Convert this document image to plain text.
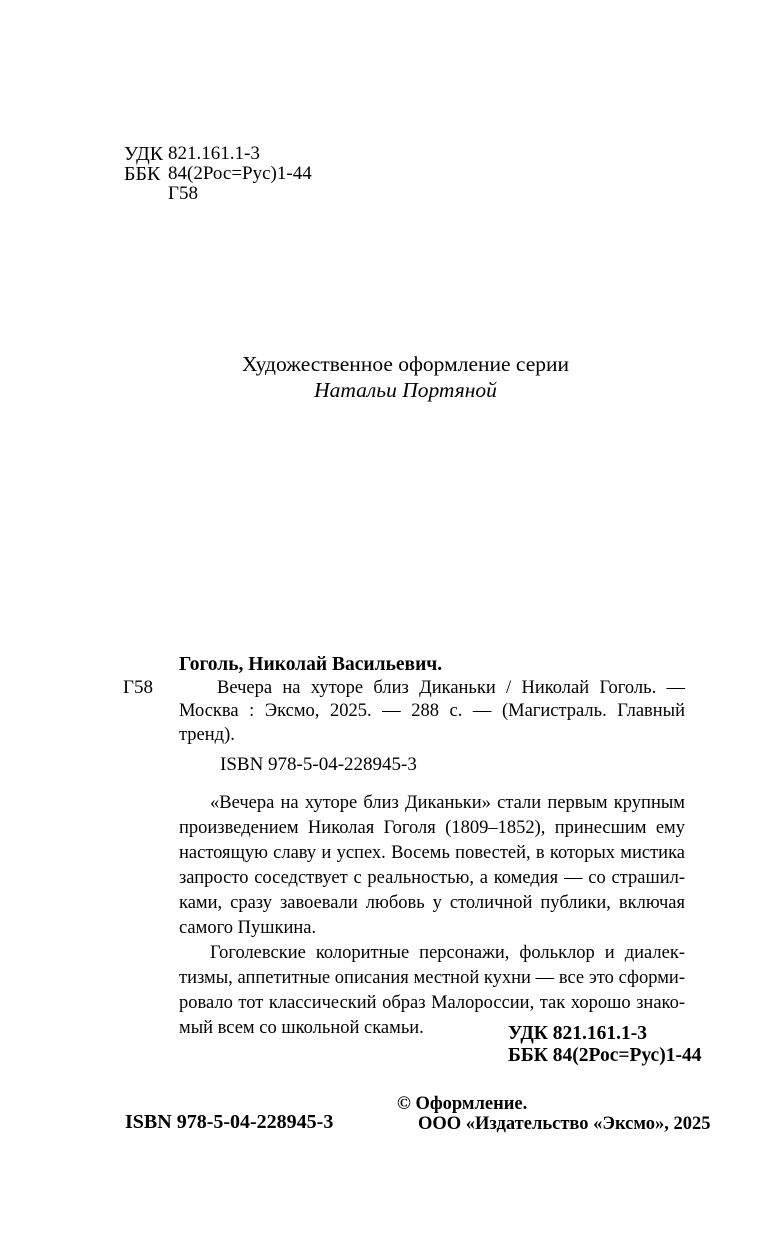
УДК 821.161.1-3
ББК 84(2Рос=Рус)1-44
Г58
Художественное оформление серии
Натальи Портяной
Г58
Гоголь, Николай Васильевич.
Вечера на хуторе близ Диканьки / Николай Гоголь. —
Москва : Эксмо, 2025. — 288 с. — (Магистраль. Главный
тренд).
ISBN 978-5-04-228945-3
«Вечера на хуторе близ Диканьки» стали первым крупным
произведением Николая Гоголя (1809–1852), принесшим ему
настоящую славу и успех. Восемь повестей, в которых мистика
запросто соседствует с реальностью, а комедия — со страшил-
ками, сразу завоевали любовь у столичной публики, включая
самого Пушкина.
Гоголевские колоритные персонажи, фольклор и диалек-
тизмы, аппетитные описания местной кухни — все это сформи-
ровало тот классический образ Малороссии, так хорошо знако-
мый всем со школьной скамьи.	УДК 821.161.1-3
ББК 84(2Рос=Рус)1-44
ISBN 978-5-04-228945-3
© Оформление.
ООО «Издательство «Эксмо», 2025
